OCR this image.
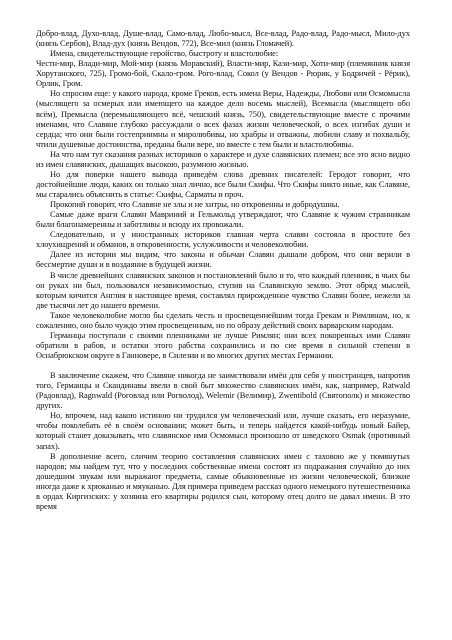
Добро-влад, Духо-влад, Душе-влад, Само-влад, Любо-мысл, Все-влад, Радо-влад, Радо-мысл, Мило-дух (князь Сербов), Влад-дух (князь Вендов, 772), Все-мил (князь Гломачей).

Имена, свидетельствующие геройство, быстроту и властолюбие:

Честн-мир, Влади-мир, Мой-мир (князь Моравский), Власти-мир, Кази-мир, Хоти-мир (племянник князя Хорутанского, 725), Громо-бой, Скало-гром. Рого-влад, Сокол (у Вендов - Рюрик, у Бодричей - Рёрик), Орлик, Гром.

Но спросим еще: у какого народа, кроме Греков, есть имена Веры, Надежды, Любови или Осмомысла (мыслящего за осмерых или имеющего на каждое дело восемь мыслей), Всемысла (мыслящего обо всём), Премысла (перемышляющего всё, чешский князь, 750), свидетельствующие вместе с прочими именами, что Славяне глубоко рассуждали о всех фазах жизни человеческой, о всех изгибах души и сердца; что они были гостеприимны и миролюбивы, но храбры и отважны, любили славу и похвальбу, чтили душевные достоинства, преданы были вере, но вместе с тем были и властолюбивы.

На что нам тут сказания разных историков о характере и духе славянских племен; все это ясно видно из имен славянских, дышащих высокою, разумною жизнью.

Но для поверки нашего вывода приведём слова древних писателей: Геродот говорит, что достойнейшие люди, каких он только знал лично, все были Скифы. Что Скифы никто иные, как Славяне, мы старались объяснить в статье: Скифы, Сарматы и проч.

Прокопий говорит, что Славяне не злы и не хитры, но откровенны и добродушны.

Самые даже враги Славян Мавриний и Гельмольд утверждают, что Славяне к чужим странникам были благонамеренны и заботливы и всюду их провожали.

Следовательно, и у иностранных историков главная черта славян состояла в простоте без хлоухищрений и обманов, в откровенности, услужливости и человеколюбии.

Далее из истории мы видим, что законы и обычаи Славян дышали добром, что они верили в бессмертие души и в воздаяние в будущей жизни.

В числе древнейших славянских законов и постановлений было и то, что каждый пленник, в чьих бы он руках ни был, пользовался независимостью, ступив на Славянскую землю. Этот обряд мыслей, которым кичится Англия в настоящее время, составлял прирожденное чувство Славян более, нежели за две тысячи лет до нашего времени.

Такое человеколюбие могло бы сделать честь и просвещеннейшим тогда Грекам и Римлянам, но, к сожалению, оно было чуждо этим просвещенным, но по образу действий своих варварским народам.

Германцы поступали с своими пленниками не лучше Римлян; они всех покоренных ими Славян обратили в рабов, и остатки этого рабства сохранились и по сие время в сильной степени в Оснабрюкском округе в Ганновере, в Силезии и во многих других местах Германии.

В заключение скажем, что Славяне никогда не заимствовали имён для себя у иностранцев, напротив того, Германцы и Скандинавы ввели в свой быт множество славянских имён, как, например, Ratwald (Радовлад), Ragnwald (Роговлад или Рогволод), Welemir (Велимир), Zwentibold (Святополк) и множество других.

Но, впрочем, над какою истиною ни трудился ум человеческий или, лучше сказать, его неразумие, чтобы поколебать её в своём основании; может быть, и теперь найдется какой-нибудь новый Байер, который станет доказывать, что славянское имя Осмомысл произошло от шведского Osmak (противный запах).

В дополнение всего, сличим теорию составления славянских имен с таховою же у помянутых народов; мы найдем тут, что у последних собственные имена состоят из подражания случайно до них дошедшим звукам или выражают предметы, самые обыкновенные из жизни человеческой, близкие иногда даже к хрюканью и мяуканью. Для примера приведем рассказ одного немецкого путешественника в ордах Киргизских: у хозяина его квартиры родился сын, которому отец долго не давал имени. В это время
